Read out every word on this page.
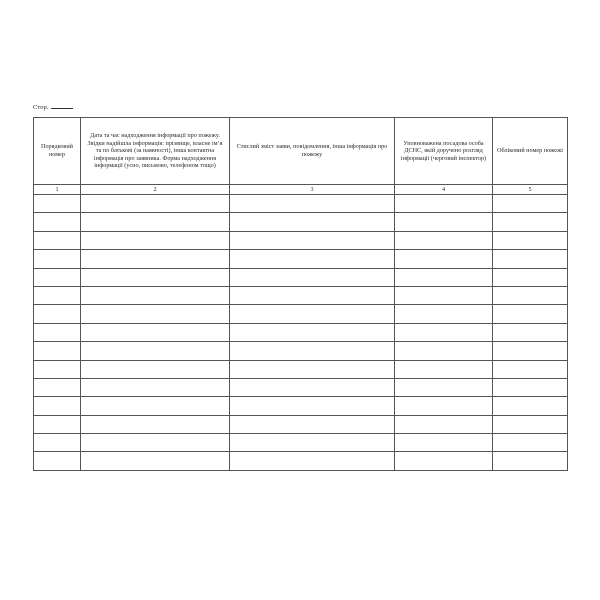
Стор.
Порядковий номер	Дата та час надходження інформації про пожежу. Звідки надійшла інформація: прізвище, власне ім’я та по батькові (за наявності), інша контактна інформація про заявника. Форма надходження інформації (усно, письмово, телефоном тощо)	Стислий зміст заяви, повідомлення, інша інформація про пожежу	Уповноважена посадова особа ДСНС, якій доручено розгляд інформації (черговий інспектор)	Обліковий номер пожежі
1	2	3	4	5
